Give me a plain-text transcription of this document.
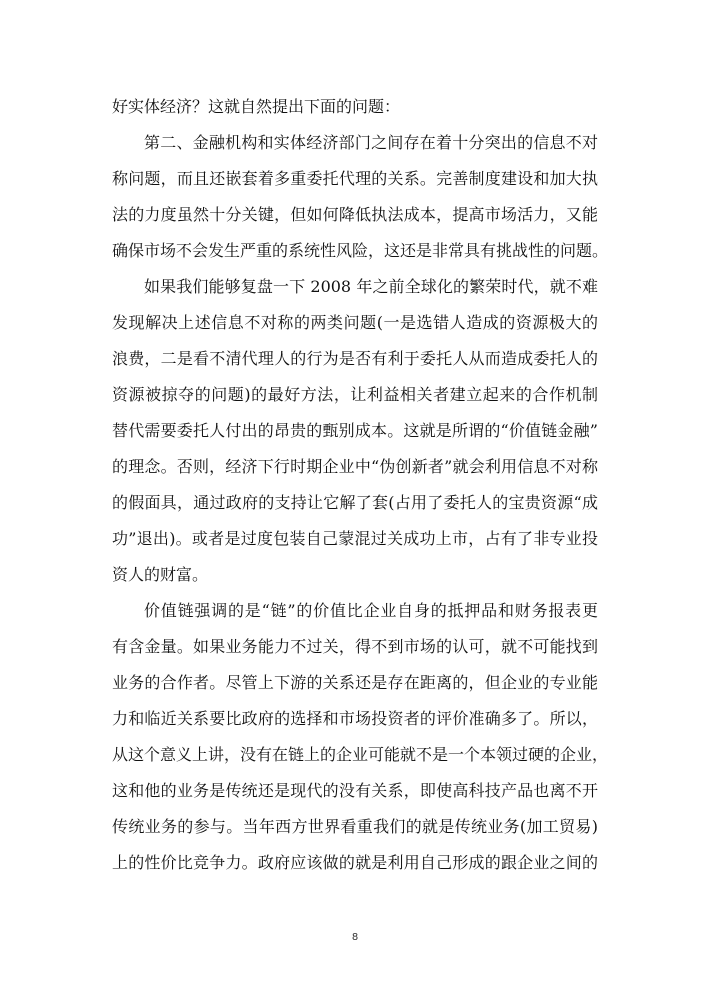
好实体经济？这就自然提出下面的问题：
第二、金融机构和实体经济部门之间存在着十分突出的信息不对
称问题，而且还嵌套着多重委托代理的关系。完善制度建设和加大执
法的力度虽然十分关键，但如何降低执法成本，提高市场活力，又能
确保市场不会发生严重的系统性风险，这还是非常具有挑战性的问题。
如果我们能够复盘一下 2008 年之前全球化的繁荣时代，就不难
发现解决上述信息不对称的两类问题(一是选错人造成的资源极大的
浪费，二是看不清代理人的行为是否有利于委托人从而造成委托人的
资源被掠夺的问题)的最好方法，让利益相关者建立起来的合作机制
替代需要委托人付出的昂贵的甄别成本。这就是所谓的“价值链金融”
的理念。否则，经济下行时期企业中“伪创新者”就会利用信息不对称
的假面具，通过政府的支持让它解了套(占用了委托人的宝贵资源“成
功”退出)。或者是过度包装自己蒙混过关成功上市，占有了非专业投
资人的财富。
价值链强调的是“链”的价值比企业自身的抵押品和财务报表更
有含金量。如果业务能力不过关，得不到市场的认可，就不可能找到
业务的合作者。尽管上下游的关系还是存在距离的，但企业的专业能
力和临近关系要比政府的选择和市场投资者的评价准确多了。所以，
从这个意义上讲，没有在链上的企业可能就不是一个本领过硬的企业，
这和他的业务是传统还是现代的没有关系，即使高科技产品也离不开
传统业务的参与。当年西方世界看重我们的就是传统业务(加工贸易)
上的性价比竞争力。政府应该做的就是利用自己形成的跟企业之间的
8
